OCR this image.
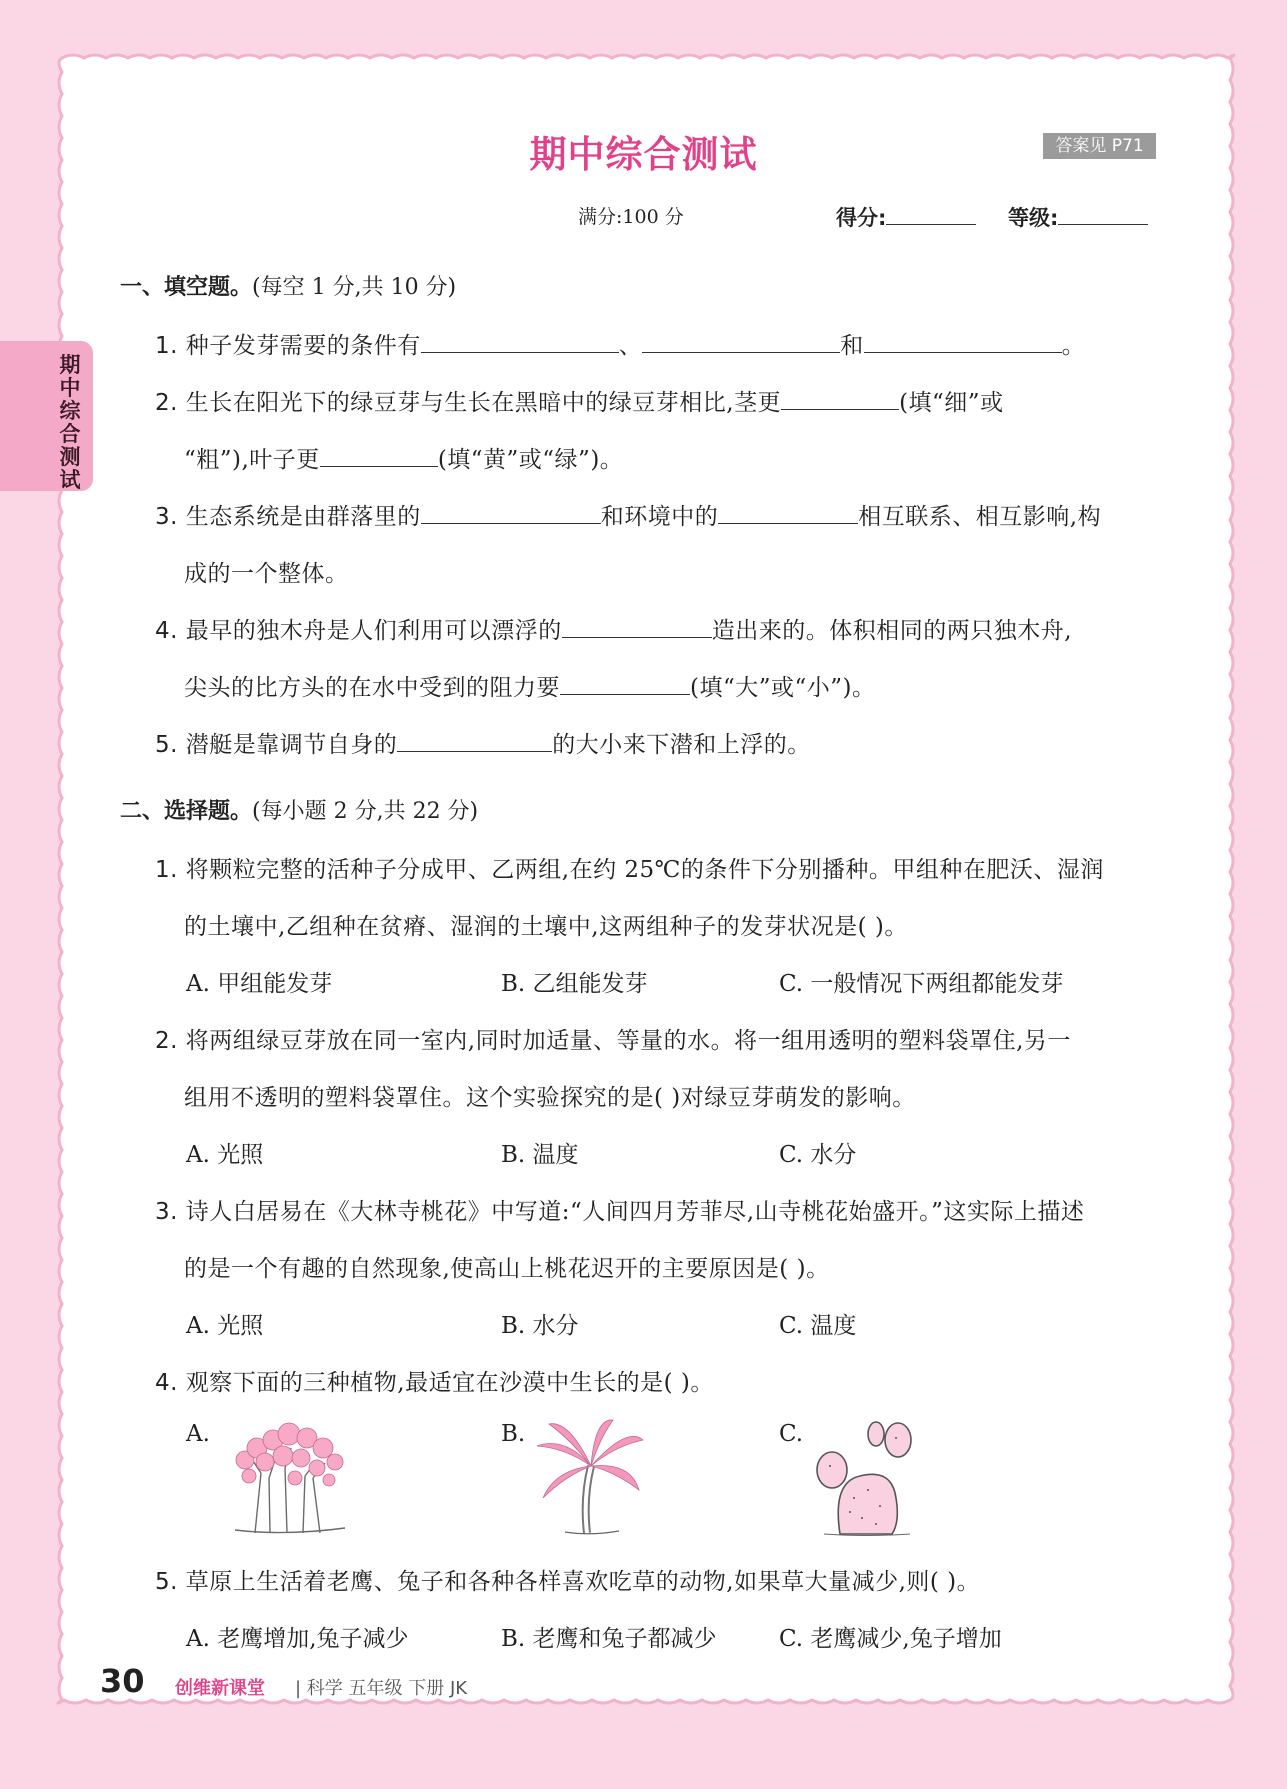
期中综合测试
期中综合测试	答案见 P71
满分:100 分	得分:	等级:
一、填空题。(每空 1 分,共 10 分)
1. 种子发芽需要的条件有	、	和	。
2. 生长在阳光下的绿豆芽与生长在黑暗中的绿豆芽相比,茎更	(填“细”或
“粗”),叶子更	(填“黄”或“绿”)。
3. 生态系统是由群落里的	和环境中的	相互联系、相互影响,构
成的一个整体。
4. 最早的独木舟是人们利用可以漂浮的	造出来的。体积相同的两只独木舟,
尖头的比方头的在水中受到的阻力要	(填“大”或“小”)。
5. 潜艇是靠调节自身的	的大小来下潜和上浮的。
二、选择题。(每小题 2 分,共 22 分)
1. 将颗粒完整的活种子分成甲、乙两组,在约 25℃的条件下分别播种。甲组种在肥沃、湿润
的土壤中,乙组种在贫瘠、湿润的土壤中,这两组种子的发芽状况是( )。
A. 甲组能发芽	B. 乙组能发芽	C. 一般情况下两组都能发芽
2. 将两组绿豆芽放在同一室内,同时加适量、等量的水。将一组用透明的塑料袋罩住,另一
组用不透明的塑料袋罩住。这个实验探究的是( )对绿豆芽萌发的影响。
A. 光照	B. 温度	C. 水分
3. 诗人白居易在《大林寺桃花》中写道:“人间四月芳菲尽,山寺桃花始盛开。”这实际上描述
的是一个有趣的自然现象,使高山上桃花迟开的主要原因是( )。
A. 光照	B. 水分	C. 温度
4. 观察下面的三种植物,最适宜在沙漠中生长的是( )。
A.	B.	C.
5. 草原上生活着老鹰、兔子和各种各样喜欢吃草的动物,如果草大量减少,则( )。
A. 老鹰增加,兔子减少	B. 老鹰和兔子都减少	C. 老鹰减少,兔子增加
30 创维新课堂 | 科学 五年级 下册 JK
